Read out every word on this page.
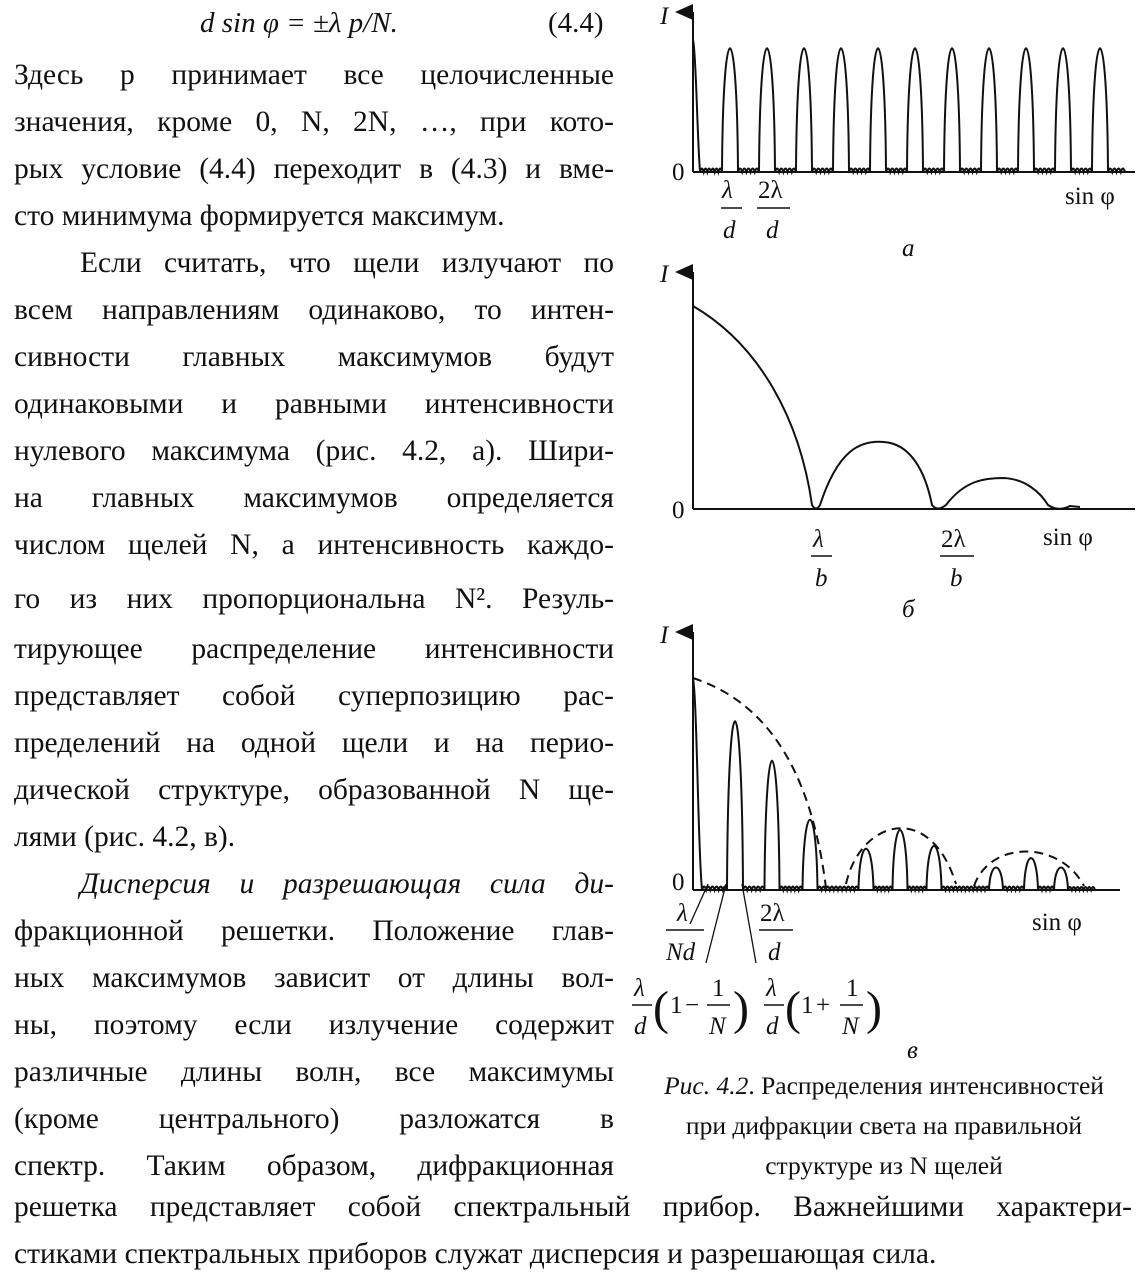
d sin φ = ±λ p/N.	(4.4)
Здесь p принимает все целочисленные
значения, кроме 0, N, 2N, …, при кото-
рых условие (4.4) переходит в (4.3) и вме-
сто минимума формируется максимум.
Если считать, что щели излучают по
всем направлениям одинаково, то интен-
сивности главных максимумов будут
одинаковыми и равными интенсивности
нулевого максимума (рис. 4.2, а). Шири-
на главных максимумов определяется
числом щелей N, а интенсивность каждо-
го из них пропорциональна N². Резуль-
тирующее распределение интенсивности
представляет собой суперпозицию рас-
пределений на одной щели и на перио-
дической структуре, образованной N ще-
лями (рис. 4.2, в).
Дисперсия и разрешающая сила ди-
фракционной решетки. Положение глав-
ных максимумов зависит от длины вол-
ны, поэтому если излучение содержит
различные длины волн, все максимумы
(кроме центрального) разложатся в
спектр. Таким образом, дифракционная
решетка представляет собой спектральный прибор. Важнейшими характери-
стиками спектральных приборов служат дисперсия и разрешающая сила.
I
0
sin φ
λ
d
2λ
d
а
I
0
sin φ
λ
b
2λ
b
б
I
0
sin φ
λ
Nd
2λ
d
λ
d ( 1 −
1
N ) λ
d ( 1 +
1
N )
в
Рис. 4.2. Распределения интенсивностей
при дифракции света на правильной
структуре из N щелей
